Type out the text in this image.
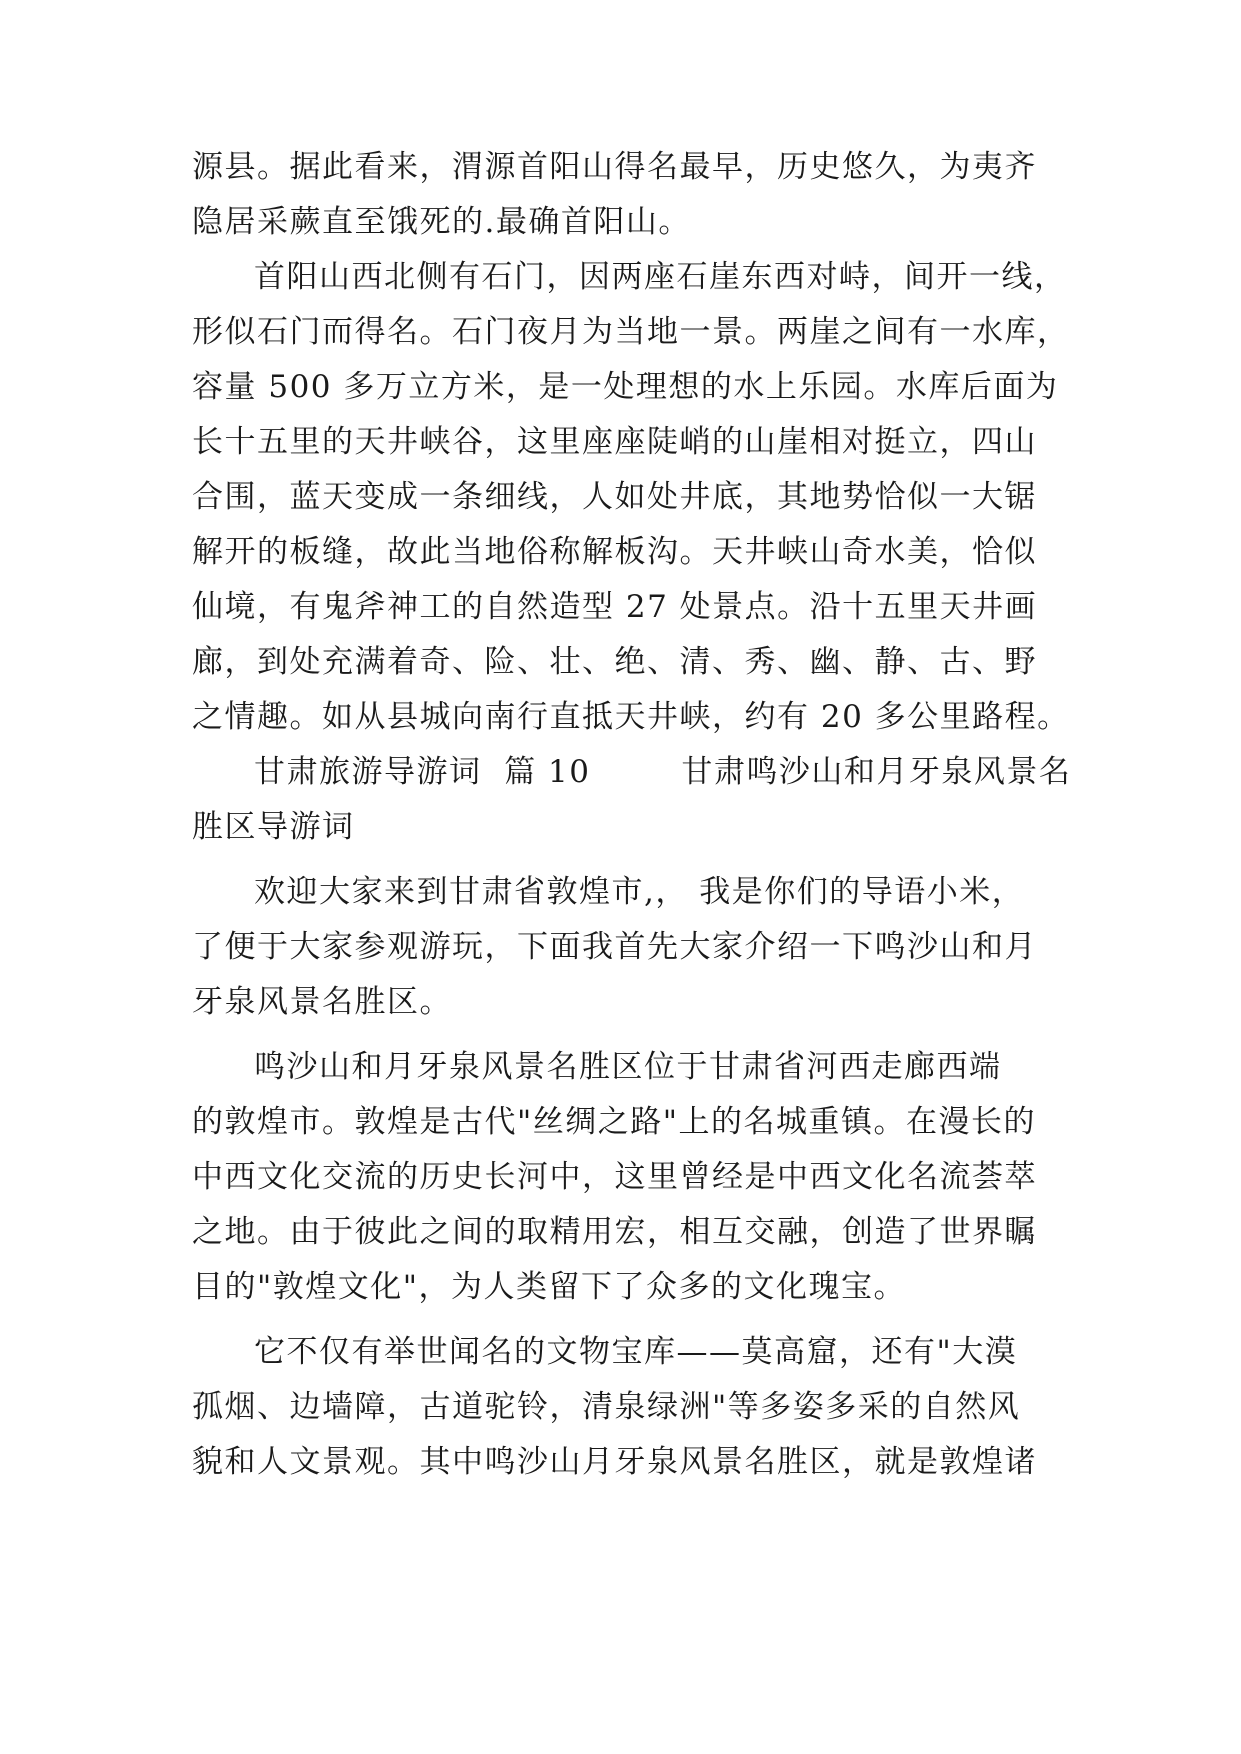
源县。据此看来，渭源首阳山得名最早，历史悠久，为夷齐
隐居采蕨直至饿死的.最确首阳山。
首阳山西北侧有石门，因两座石崖东西对峙，间开一线，
形似石门而得名。石门夜月为当地一景。两崖之间有一水库，
容量 500 多万立方米，是一处理想的水上乐园。水库后面为
长十五里的天井峡谷，这里座座陡峭的山崖相对挺立，四山
合围，蓝天变成一条细线，人如处井底，其地势恰似一大锯
解开的板缝，故此当地俗称解板沟。天井峡山奇水美，恰似
仙境，有鬼斧神工的自然造型 27 处景点。沿十五里天井画
廊，到处充满着奇、险、壮、绝、清、秀、幽、静、古、野
之情趣。如从县城向南行直抵天井峡，约有 20 多公里路程。
甘肃旅游导游词  篇 10        甘肃鸣沙山和月牙泉风景名
胜区导游词
欢迎大家来到甘肃省敦煌市,， 我是你们的导语小米，
了便于大家参观游玩，下面我首先大家介绍一下鸣沙山和月
牙泉风景名胜区。
鸣沙山和月牙泉风景名胜区位于甘肃省河西走廊西端
的敦煌市。敦煌是古代"丝绸之路"上的名城重镇。在漫长的
中西文化交流的历史长河中，这里曾经是中西文化名流荟萃
之地。由于彼此之间的取精用宏，相互交融，创造了世界瞩
目的"敦煌文化"，为人类留下了众多的文化瑰宝。
它不仅有举世闻名的文物宝库——莫高窟，还有"大漠
孤烟、边墙障，古道驼铃，清泉绿洲"等多姿多采的自然风
貌和人文景观。其中鸣沙山月牙泉风景名胜区，就是敦煌诸
